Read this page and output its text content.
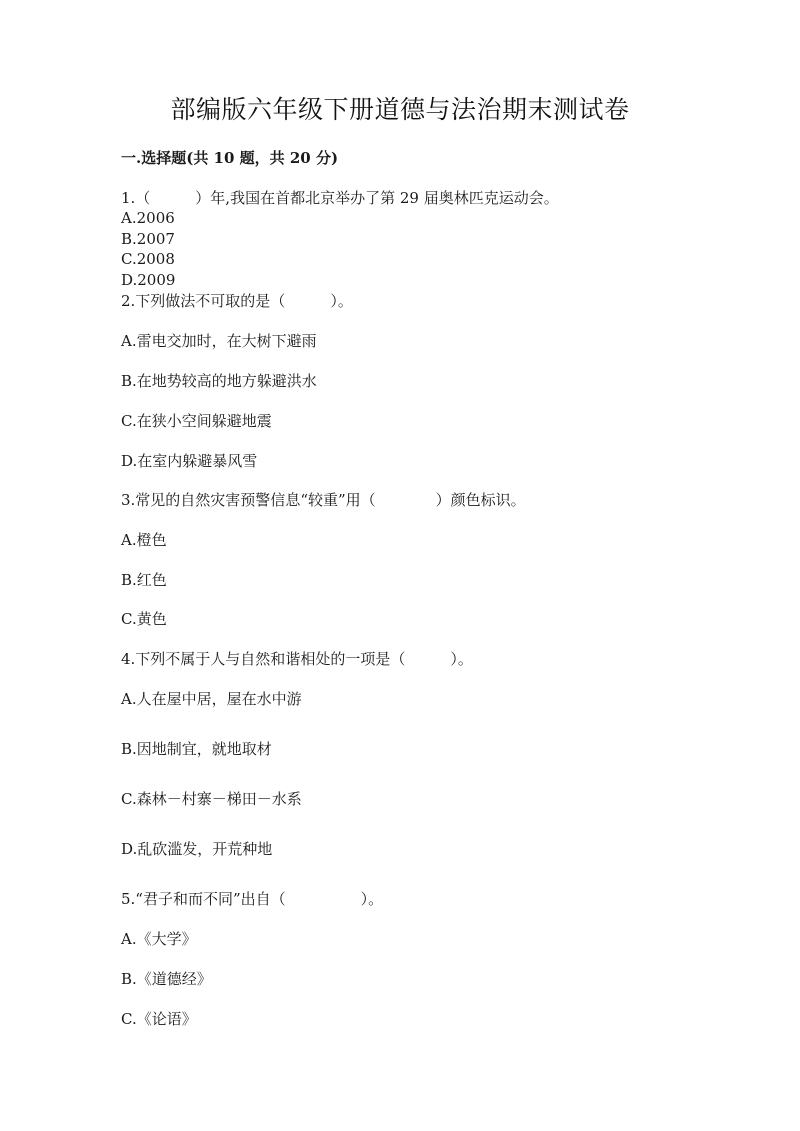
部编版六年级下册道德与法治期末测试卷
一.选择题(共 10 题，共 20 分)
1.（　　　）年,我国在首都北京举办了第 29 届奥林匹克运动会。
A.2006
B.2007
C.2008
D.2009
2.下列做法不可取的是（　　　）。
A.雷电交加时，在大树下避雨
B.在地势较高的地方躲避洪水
C.在狭小空间躲避地震
D.在室内躲避暴风雪
3.常见的自然灾害预警信息“较重”用（　　　　）颜色标识。
A.橙色
B.红色
C.黄色
4.下列不属于人与自然和谐相处的一项是（　　　）。
A.人在屋中居，屋在水中游
B.因地制宜，就地取材
C.森林－村寨－梯田－水系
D.乱砍滥发，开荒种地
5.“君子和而不同”出自（　　　　　）。
A.《大学》
B.《道德经》
C.《论语》
